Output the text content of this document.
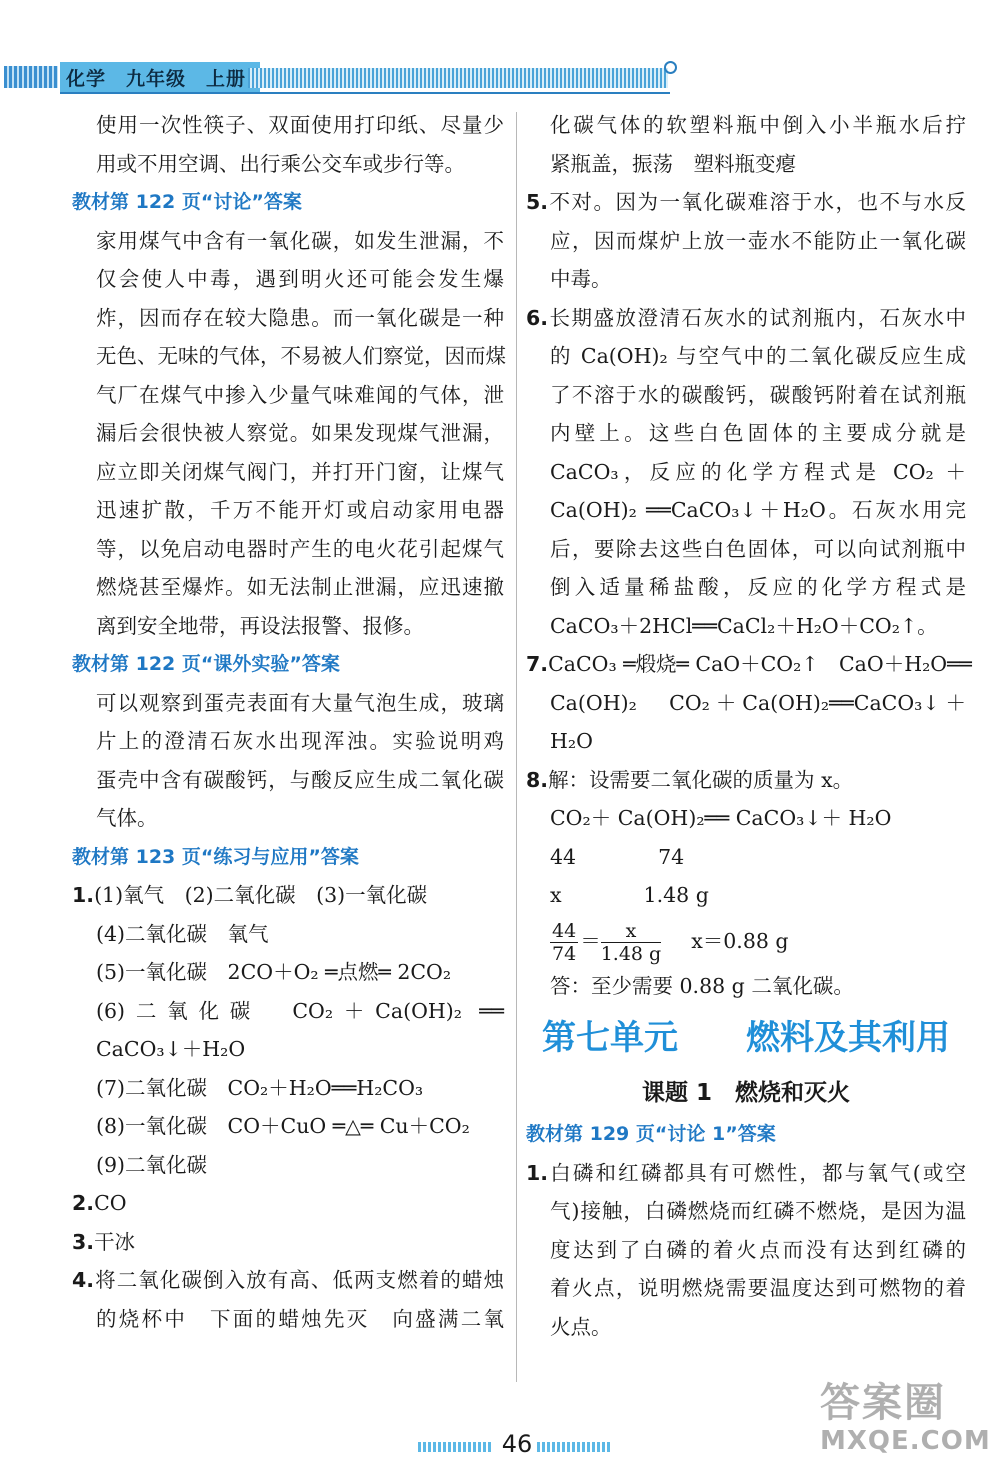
化学　九年级　上册
使用一次性筷子、双面使用打印纸、尽量少
用或不用空调、出行乘公交车或步行等。
教材第 122 页“讨论”答案
家用煤气中含有一氧化碳，如发生泄漏，不
仅会使人中毒，遇到明火还可能会发生爆
炸，因而存在较大隐患。而一氧化碳是一种
无色、无味的气体，不易被人们察觉，因而煤
气厂在煤气中掺入少量气味难闻的气体，泄
漏后会很快被人察觉。如果发现煤气泄漏，
应立即关闭煤气阀门，并打开门窗，让煤气
迅速扩散，千万不能开灯或启动家用电器
等，以免启动电器时产生的电火花引起煤气
燃烧甚至爆炸。如无法制止泄漏，应迅速撤
离到安全地带，再设法报警、报修。
教材第 122 页“课外实验”答案
可以观察到蛋壳表面有大量气泡生成，玻璃
片上的澄清石灰水出现浑浊。实验说明鸡
蛋壳中含有碳酸钙，与酸反应生成二氧化碳
气体。
教材第 123 页“练习与应用”答案
1.(1)氧气　(2)二氧化碳　(3)一氧化碳
(4)二氧化碳　氧气
(5)一氧化碳　2CO＋O₂ ═点燃═ 2CO₂
(6)二氧化碳　CO₂＋Ca(OH)₂ ══
CaCO₃↓＋H₂O
(7)二氧化碳　CO₂＋H₂O══H₂CO₃
(8)一氧化碳　CO＋CuO ═△═ Cu＋CO₂
(9)二氧化碳
2.CO
3.干冰
4.将二氧化碳倒入放有高、低两支燃着的蜡烛
的烧杯中　下面的蜡烛先灭　向盛满二氧
化碳气体的软塑料瓶中倒入小半瓶水后拧
紧瓶盖，振荡　塑料瓶变瘪
5.不对。因为一氧化碳难溶于水，也不与水反
应，因而煤炉上放一壶水不能防止一氧化碳
中毒。
6.长期盛放澄清石灰水的试剂瓶内，石灰水中
的 Ca(OH)₂ 与空气中的二氧化碳反应生成
了不溶于水的碳酸钙，碳酸钙附着在试剂瓶
内壁上。这些白色固体的主要成分就是
CaCO₃，反应的化学方程式是 CO₂ ＋
Ca(OH)₂ ══CaCO₃↓＋H₂O。石灰水用完
后，要除去这些白色固体，可以向试剂瓶中
倒入适量稀盐酸，反应的化学方程式是
CaCO₃＋2HCl══CaCl₂＋H₂O＋CO₂↑。
7.CaCO₃ ═煅烧═ CaO＋CO₂↑　CaO＋H₂O══
Ca(OH)₂　CO₂＋Ca(OH)₂══CaCO₃↓＋
H₂O
8.解：设需要二氧化碳的质量为 x。
CO₂＋ Ca(OH)₂══ CaCO₃↓＋ H₂O
44　　　　74
x　　　　1.48 g
$\frac{44}{74} = \frac{x}{1.48 g} x=0.88$ g
答：至少需要 0.88 g 二氧化碳。
第七单元　　燃料及其利用
课题 1　燃烧和灭火
教材第 129 页“讨论 1”答案
1.白磷和红磷都具有可燃性，都与氧气(或空
气)接触，白磷燃烧而红磷不燃烧，是因为温
度达到了白磷的着火点而没有达到红磷的
着火点，说明燃烧需要温度达到可燃物的着
火点。
46
答案圈
MXQE.COM
